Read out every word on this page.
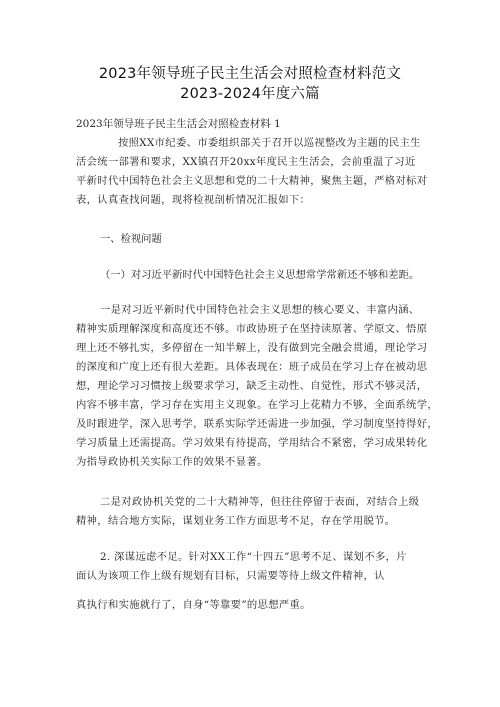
2023年领导班子民主生活会对照检查材料范文
2023-2024年度六篇
2023年领导班子民主生活会对照检查材料 1
按照XX市纪委、市委组织部关于召开以巡视整改为主题的民主生
活会统一部署和要求，XX镇召开20xx年度民主生活会，会前重温了习近
平新时代中国特色社会主义思想和党的二十大精神，聚焦主题，严格对标对
表，认真查找问题，现将检视剖析情况汇报如下：
一、检视问题
（一）对习近平新时代中国特色社会主义思想常学常新还不够和差距。
一是对习近平新时代中国特色社会主义思想的核心要义、丰富内涵、
精神实质理解深度和高度还不够。市政协班子在坚持读原著、学原文、悟原
理上还不够扎实，多停留在一知半解上，没有做到完全融会贯通，理论学习
的深度和广度上还有很大差距。具体表现在：班子成员在学习上存在被动思
想，理论学习习惯按上级要求学习，缺乏主动性、自觉性，形式不够灵活，
内容不够丰富，学习存在实用主义现象。在学习上花精力不够，全面系统学，
及时跟进学，深入思考学，联系实际学还需进一步加强，学习制度坚持得好，
学习质量上还需提高。学习效果有待提高，学用结合不紧密，学习成果转化
为指导政协机关实际工作的效果不显著。
二是对政协机关党的二十大精神等，但往往停留于表面，对结合上级
精神，结合地方实际，谋划业务工作方面思考不足，存在学用脱节。
2. 深谋远虑不足。针对XX工作“十四五”思考不足、谋划不多，片
面认为该项工作上级有规划有目标，只需要等待上级文件精神，认
真执行和实施就行了，自身“等靠要”的思想严重。
